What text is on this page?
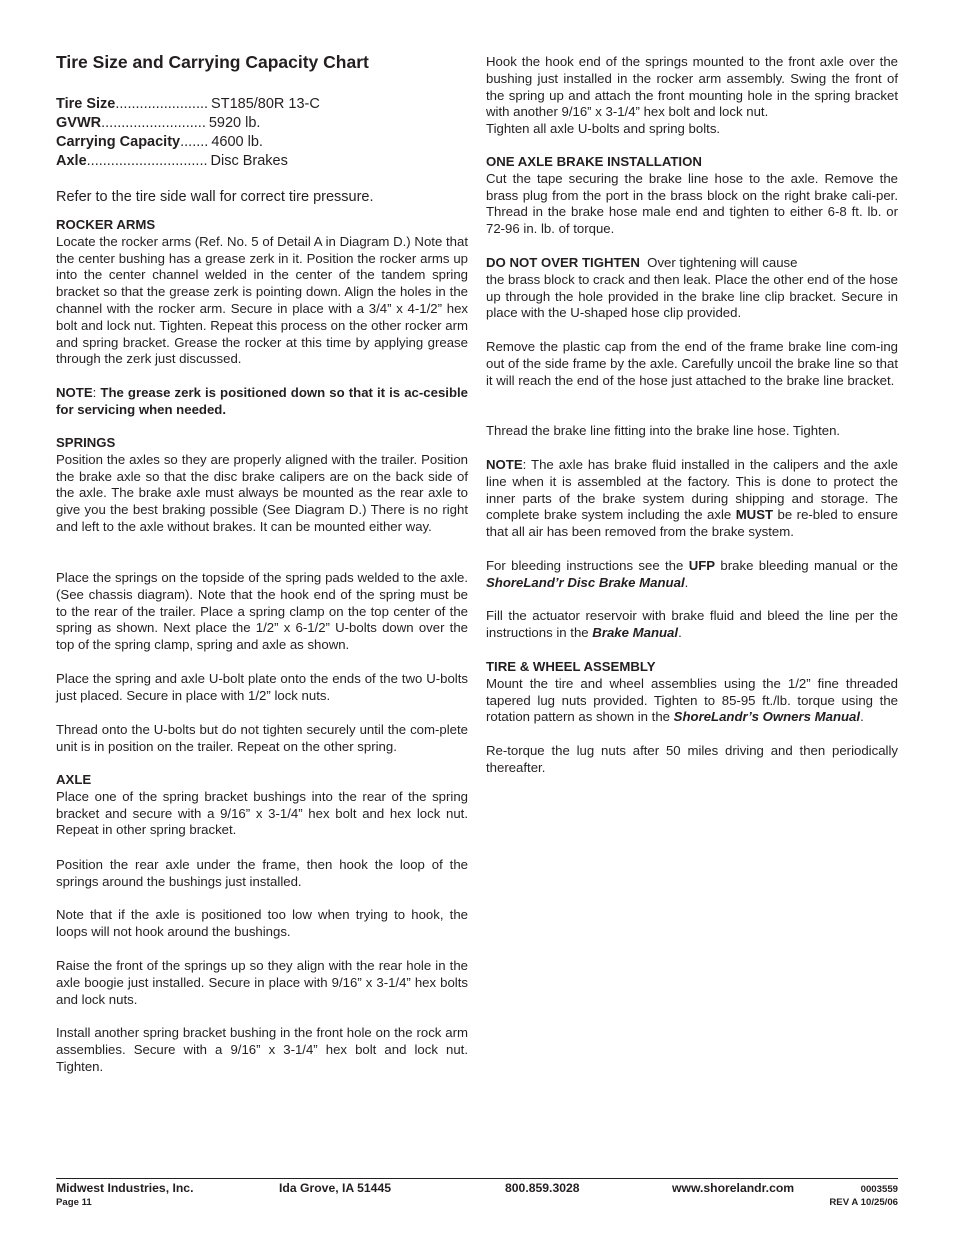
Tire Size and Carrying Capacity Chart
Tire Size ....................... ST185/80R 13-C
GVWR .......................... 5920 lb.
Carrying Capacity ....... 4600 lb.
Axle .............................. Disc Brakes

Refer to the tire side wall for correct tire pressure.

ROCKER ARMS

Locate the rocker arms (Ref. No. 5 of Detail A in Diagram D.) Note that the center bushing has a grease zerk in it. Position the rocker arms up into the center channel welded in the center of the tandem spring bracket so that the grease zerk is pointing down. Align the holes in the channel with the rocker arm. Secure in place with a 3/4” x 4-1/2” hex bolt and lock nut. Tighten. Repeat this process on the other rocker arm and spring bracket. Grease the rocker at this time by applying grease through the zerk just discussed.

NOTE: The grease zerk is positioned down so that it is ac-cesible for servicing when needed.

SPRINGS

Position the axles so they are properly aligned with the trailer. Position the brake axle so that the disc brake calipers are on the back side of the axle. The brake axle must always be mounted as the rear axle to give you the best braking possible (See Diagram D.) There is no right and left to the axle without brakes. It can be mounted either way.

Place the springs on the topside of the spring pads welded to the axle. (See chassis diagram). Note that the hook end of the spring must be to the rear of the trailer. Place a spring clamp on the top center of the spring as shown. Next place the 1/2” x 6-1/2” U-bolts down over the top of the spring clamp, spring and axle as shown.

Place the spring and axle U-bolt plate onto the ends of the two U-bolts just placed. Secure in place with 1/2” lock nuts.

Thread onto the U-bolts but do not tighten securely until the com-plete unit is in position on the trailer. Repeat on the other spring.

AXLE

Place one of the spring bracket bushings into the rear of the spring bracket and secure with a 9/16” x 3-1/4” hex bolt and hex lock nut. Repeat in other spring bracket.

Position the rear axle under the frame, then hook the loop of the springs around the bushings just installed.

Note that if the axle is positioned too low when trying to hook, the loops will not hook around the bushings.

Raise the front of the springs up so they align with the rear hole in the axle boogie just installed. Secure in place with 9/16” x 3-1/4” hex bolts and lock nuts.

Install another spring bracket bushing in the front hole on the rock arm assemblies. Secure with a 9/16” x 3-1/4” hex bolt and lock nut. Tighten.

Hook the hook end of the springs mounted to the front axle over the bushing just installed in the rocker arm assembly. Swing the front of the spring up and attach the front mounting hole in the spring bracket with another 9/16” x 3-1/4” hex bolt and lock nut.

Tighten all axle U-bolts and spring bolts.

ONE AXLE BRAKE INSTALLATION

Cut the tape securing the brake line hose to the axle. Remove the brass plug from the port in the brass block on the right brake cali-per. Thread in the brake hose male end and tighten to either 6-8 ft. lb. or 72-96 in. lb. of torque.

DO NOT OVER TIGHTEN  Over tightening will cause

the brass block to crack and then leak. Place the other end of the hose up through the hole provided in the brake line clip bracket. Secure in place with the U-shaped hose clip provided.

Remove the plastic cap from the end of the frame brake line com-ing out of the side frame by the axle. Carefully uncoil the brake line so that it will reach the end of the hose just attached to the brake line bracket.

Thread the brake line fitting into the brake line hose. Tighten.

NOTE: The axle has brake fluid installed in the calipers and the axle line when it is assembled at the factory. This is done to protect the inner parts of the brake system during shipping and storage. The complete brake system including the axle MUST be re-bled to ensure that all air has been removed from the brake system.

For bleeding instructions see the UFP brake bleeding manual or the ShoreLand’r Disc Brake Manual.

Fill the actuator reservoir with brake fluid and bleed the line per the instructions in the Brake Manual.

TIRE & WHEEL ASSEMBLY

Mount the tire and wheel assemblies using the 1/2” fine threaded tapered lug nuts provided. Tighten to 85-95 ft./lb. torque using the rotation pattern as shown in the ShoreLandr’s Owners Manual.

Re-torque the lug nuts after 50 miles driving and then periodically thereafter.

Midwest Industries, Inc.	Ida Grove, IA 51445	800.859.3028	www.shorelandr.com	0003559
Page 11	REV A 10/25/06
